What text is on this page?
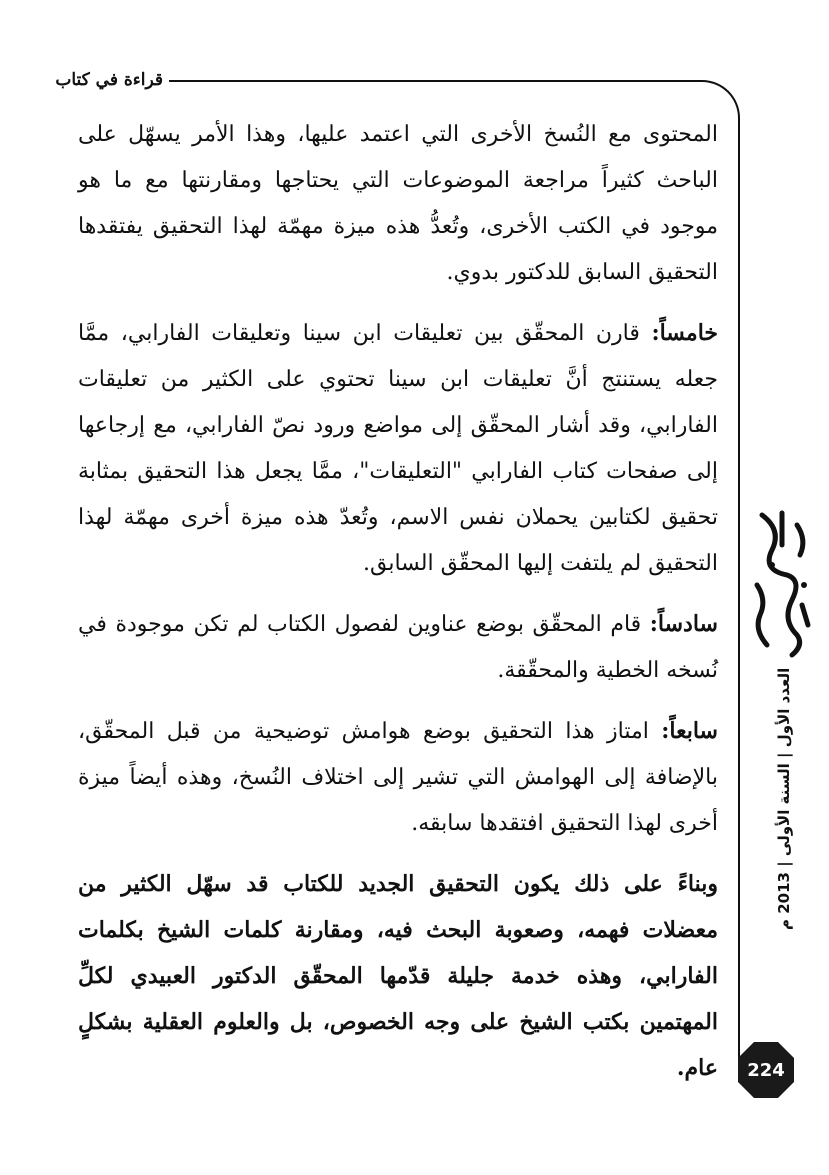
قراءة في كتاب

المحتوى مع النُسخ الأخرى التي اعتمد عليها، وهذا الأمر يسهّل على الباحث كثيراً مراجعة الموضوعات التي يحتاجها ومقارنتها مع ما هو موجود في الكتب الأخرى، وتُعدُّ هذه ميزة مهمّة لهذا التحقيق يفتقدها التحقيق السابق للدكتور بدوي.

خامساً: قارن المحقّق بين تعليقات ابن سينا وتعليقات الفارابي، ممَّا جعله يستنتج أنَّ تعليقات ابن سينا تحتوي على الكثير من تعليقات الفارابي، وقد أشار المحقّق إلى مواضع ورود نصّ الفارابي، مع إرجاعها إلى صفحات كتاب الفارابي "التعليقات"، ممَّا يجعل هذا التحقيق بمثابة تحقيق لكتابين يحملان نفس الاسم، وتُعدّ هذه ميزة أخرى مهمّة لهذا التحقيق لم يلتفت إليها المحقّق السابق.

سادساً: قام المحقّق بوضع عناوين لفصول الكتاب لم تكن موجودة في نُسخه الخطية والمحقّقة.

سابعاً: امتاز هذا التحقيق بوضع هوامش توضيحية من قبل المحقّق، بالإضافة إلى الهوامش التي تشير إلى اختلاف النُسخ، وهذه أيضاً ميزة أخرى لهذا التحقيق افتقدها سابقه.

وبناءً على ذلك يكون التحقيق الجديد للكتاب قد سهّل الكثير من معضلات فهمه، وصعوبة البحث فيه، ومقارنة كلمات الشيخ بكلمات الفارابي، وهذه خدمة جليلة قدّمها المحقّق الدكتور العبيدي لكلِّ المهتمين بكتب الشيخ على وجه الخصوص، بل والعلوم العقلية بشكلٍ عام.

العدد الأول | السنة الأولى | 2013 م
224
